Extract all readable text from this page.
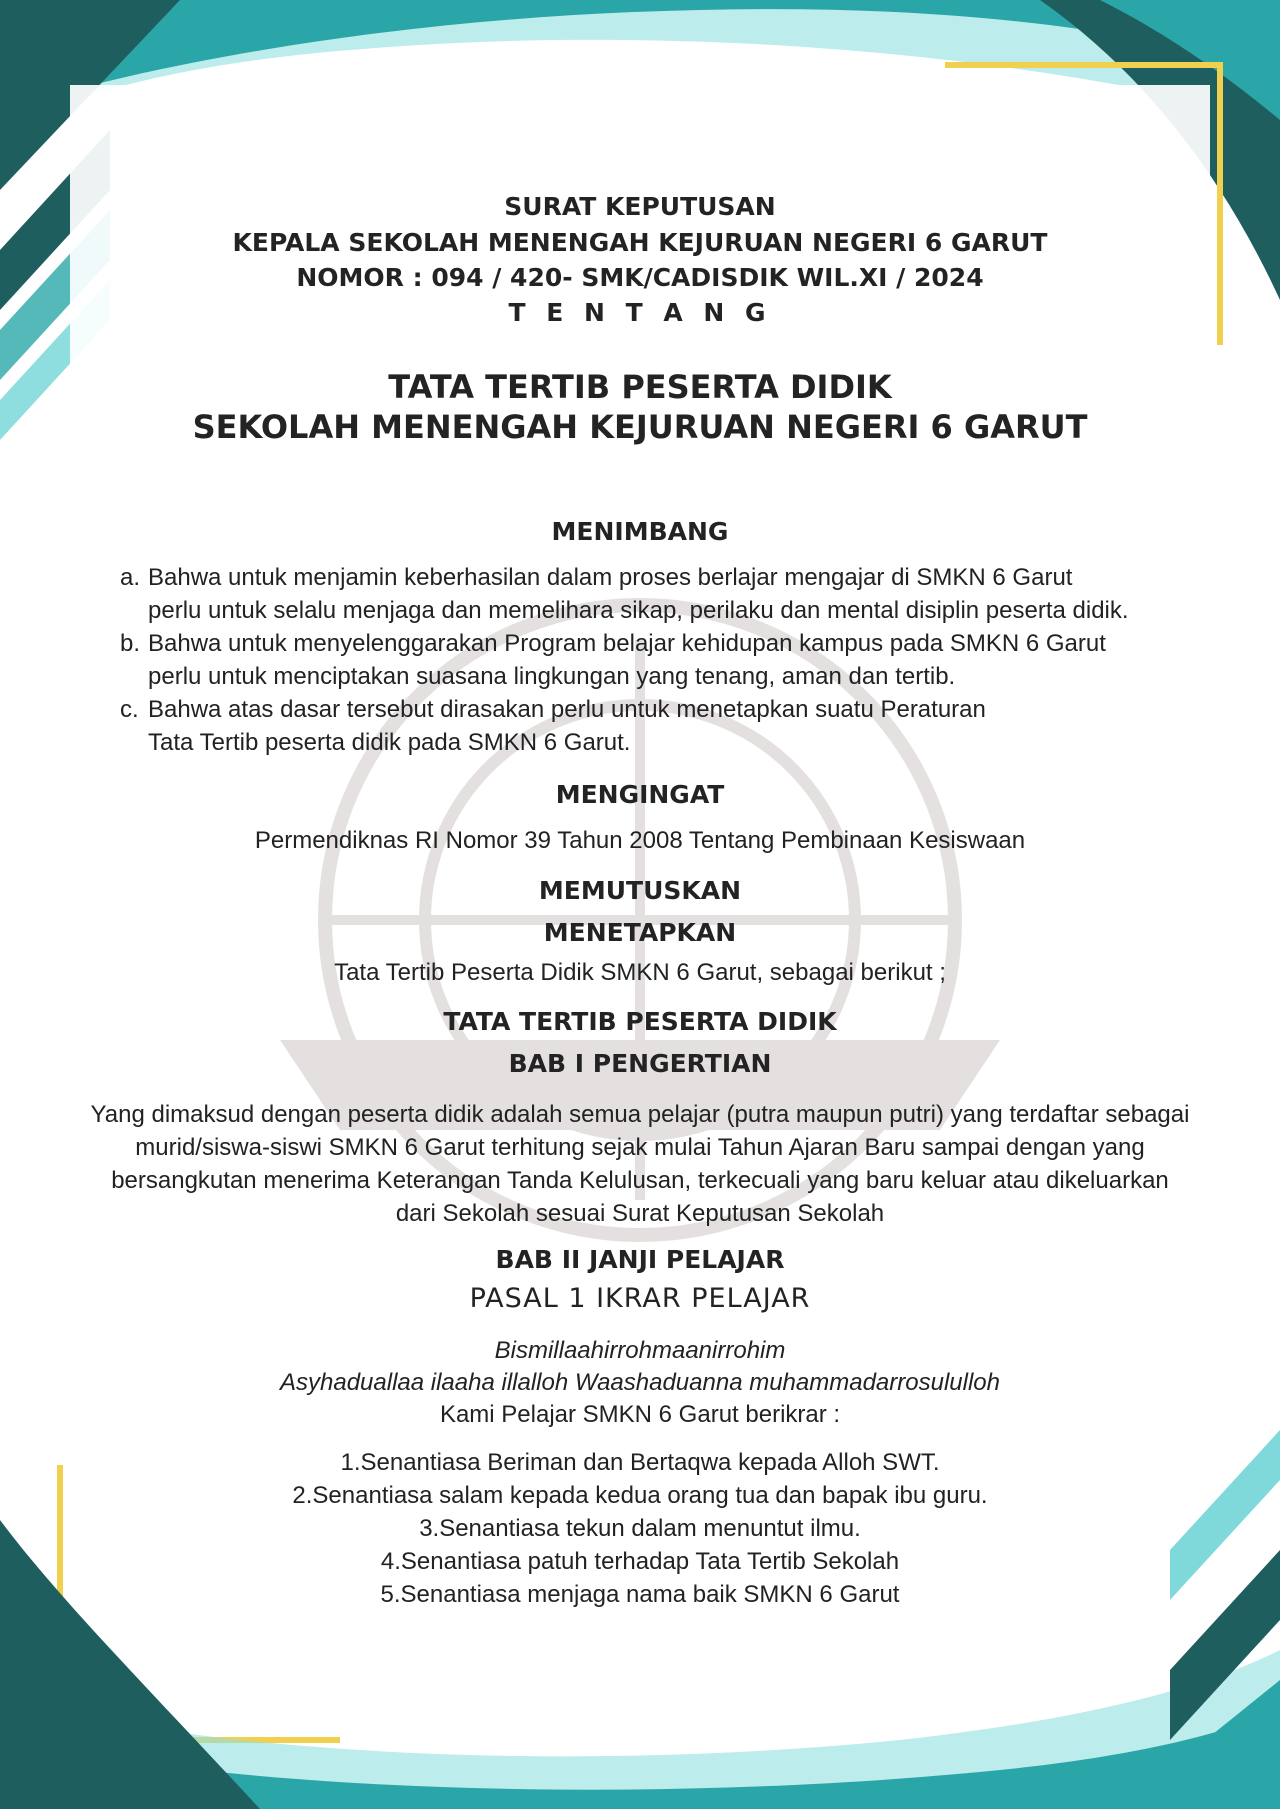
SURAT KEPUTUSAN
KEPALA SEKOLAH MENENGAH KEJURUAN NEGERI 6 GARUT
NOMOR : 094 / 420- SMK/CADISDIK WIL.XI / 2024
T E N T A N G
TATA TERTIB PESERTA DIDIK
SEKOLAH MENENGAH KEJURUAN NEGERI 6 GARUT
MENIMBANG
a. Bahwa untuk menjamin keberhasilan dalam proses berlajar mengajar di SMKN 6 Garut
perlu untuk selalu menjaga dan memelihara sikap, perilaku dan mental disiplin peserta didik.
b. Bahwa untuk menyelenggarakan Program belajar kehidupan kampus pada SMKN 6 Garut
perlu untuk menciptakan suasana lingkungan yang tenang, aman dan tertib.
c. Bahwa atas dasar tersebut dirasakan perlu untuk menetapkan suatu Peraturan
Tata Tertib peserta didik pada SMKN 6 Garut.
MENGINGAT
Permendiknas RI Nomor 39 Tahun 2008 Tentang Pembinaan Kesiswaan
MEMUTUSKAN
MENETAPKAN
Tata Tertib Peserta Didik SMKN 6 Garut, sebagai berikut ;
TATA TERTIB PESERTA DIDIK
BAB I PENGERTIAN
Yang dimaksud dengan peserta didik adalah semua pelajar (putra maupun putri) yang terdaftar sebagai
murid/siswa-siswi SMKN 6 Garut terhitung sejak mulai Tahun Ajaran Baru sampai dengan yang
bersangkutan menerima Keterangan Tanda Kelulusan, terkecuali yang baru keluar atau dikeluarkan
dari Sekolah sesuai Surat Keputusan Sekolah
BAB II JANJI PELAJAR
PASAL 1 IKRAR PELAJAR
Bismillaahirrohmaanirrohim
Asyhaduallaa ilaaha illalloh Waashaduanna muhammadarrosululloh
Kami Pelajar SMKN 6 Garut berikrar :
1.Senantiasa Beriman dan Bertaqwa kepada Alloh SWT.
2.Senantiasa salam kepada kedua orang tua dan bapak ibu guru.
3.Senantiasa tekun dalam menuntut ilmu.
4.Senantiasa patuh terhadap Tata Tertib Sekolah
5.Senantiasa menjaga nama baik SMKN 6 Garut
